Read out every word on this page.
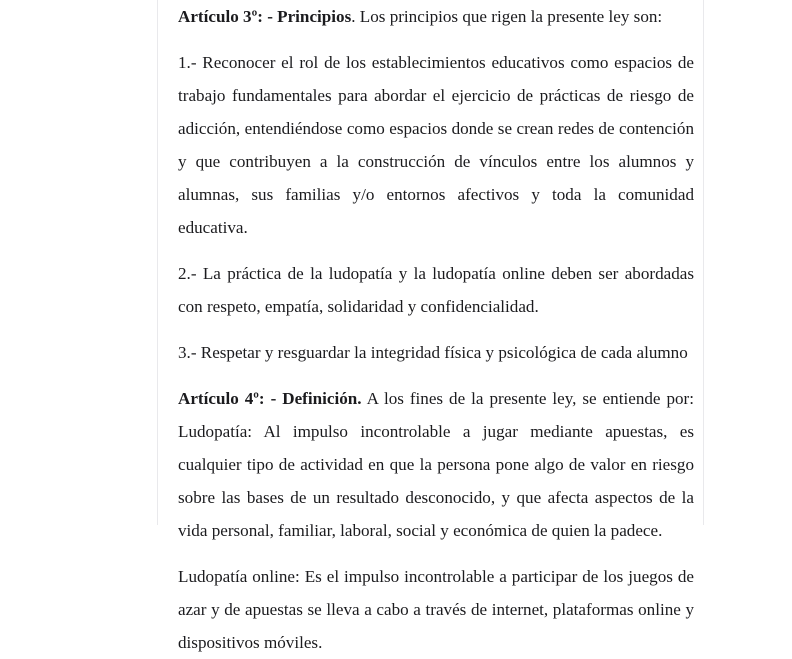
Artículo 3º: - Principios. Los principios que rigen la presente ley son:

1.- Reconocer el rol de los establecimientos educativos como espacios de trabajo fundamentales para abordar el ejercicio de prácticas de riesgo de adicción, entendiéndose como espacios donde se crean redes de contención y que contribuyen a la construcción de vínculos entre los alumnos y alumnas, sus familias y/o entornos afectivos y toda la comunidad educativa.

2.- La práctica de la ludopatía y la ludopatía online deben ser abordadas con respeto, empatía, solidaridad y confidencialidad.

3.- Respetar y resguardar la integridad física y psicológica de cada alumno

Artículo 4º: - Definición. A los fines de la presente ley, se entiende por: Ludopatía: Al impulso incontrolable a jugar mediante apuestas, es cualquier tipo de actividad en que la persona pone algo de valor en riesgo sobre las bases de un resultado desconocido, y que afecta aspectos de la vida personal, familiar, laboral, social y económica de quien la padece.

Ludopatía online: Es el impulso incontrolable a participar de los juegos de azar y de apuestas se lleva a cabo a través de internet, plataformas online y dispositivos móviles.
